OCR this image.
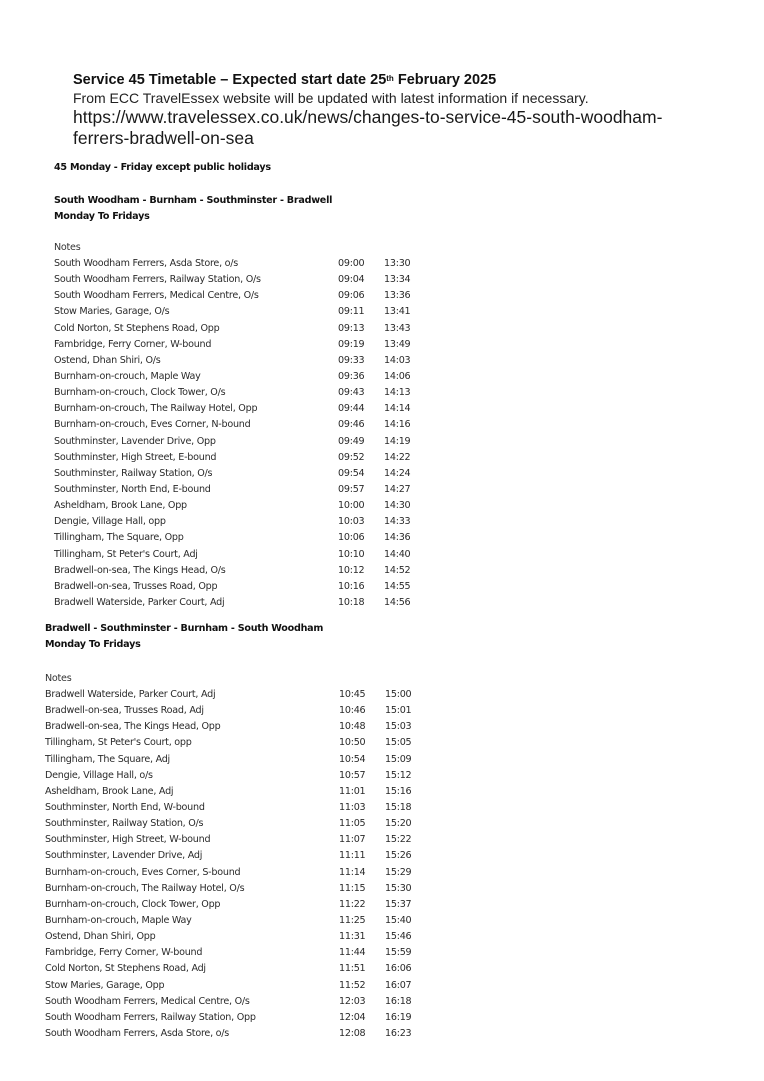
Service 45 Timetable – Expected start date 25th February 2025
From ECC TravelEssex website will be updated with latest information if necessary.
https://www.travelessex.co.uk/news/changes-to-service-45-south-woodham-
ferrers-bradwell-on-sea
45 Monday - Friday except public holidays
South Woodham - Burnham - Southminster - Bradwell
Monday To Fridays
Notes
South Woodham Ferrers, Asda Store, o/s	09:00	13:30
South Woodham Ferrers, Railway Station, O/s	09:04	13:34
South Woodham Ferrers, Medical Centre, O/s	09:06	13:36
Stow Maries, Garage, O/s	09:11	13:41
Cold Norton, St Stephens Road, Opp	09:13	13:43
Fambridge, Ferry Corner, W-bound	09:19	13:49
Ostend, Dhan Shiri, O/s	09:33	14:03
Burnham-on-crouch, Maple Way	09:36	14:06
Burnham-on-crouch, Clock Tower, O/s	09:43	14:13
Burnham-on-crouch, The Railway Hotel, Opp	09:44	14:14
Burnham-on-crouch, Eves Corner, N-bound	09:46	14:16
Southminster, Lavender Drive, Opp	09:49	14:19
Southminster, High Street, E-bound	09:52	14:22
Southminster, Railway Station, O/s	09:54	14:24
Southminster, North End, E-bound	09:57	14:27
Asheldham, Brook Lane, Opp	10:00	14:30
Dengie, Village Hall, opp	10:03	14:33
Tillingham, The Square, Opp	10:06	14:36
Tillingham, St Peter's Court, Adj	10:10	14:40
Bradwell-on-sea, The Kings Head, O/s	10:12	14:52
Bradwell-on-sea, Trusses Road, Opp	10:16	14:55
Bradwell Waterside, Parker Court, Adj	10:18	14:56
Bradwell - Southminster - Burnham - South Woodham
Monday To Fridays
Notes
Bradwell Waterside, Parker Court, Adj	10:45	15:00
Bradwell-on-sea, Trusses Road, Adj	10:46	15:01
Bradwell-on-sea, The Kings Head, Opp	10:48	15:03
Tillingham, St Peter's Court, opp	10:50	15:05
Tillingham, The Square, Adj	10:54	15:09
Dengie, Village Hall, o/s	10:57	15:12
Asheldham, Brook Lane, Adj	11:01	15:16
Southminster, North End, W-bound	11:03	15:18
Southminster, Railway Station, O/s	11:05	15:20
Southminster, High Street, W-bound	11:07	15:22
Southminster, Lavender Drive, Adj	11:11	15:26
Burnham-on-crouch, Eves Corner, S-bound	11:14	15:29
Burnham-on-crouch, The Railway Hotel, O/s	11:15	15:30
Burnham-on-crouch, Clock Tower, Opp	11:22	15:37
Burnham-on-crouch, Maple Way	11:25	15:40
Ostend, Dhan Shiri, Opp	11:31	15:46
Fambridge, Ferry Corner, W-bound	11:44	15:59
Cold Norton, St Stephens Road, Adj	11:51	16:06
Stow Maries, Garage, Opp	11:52	16:07
South Woodham Ferrers, Medical Centre, O/s	12:03	16:18
South Woodham Ferrers, Railway Station, Opp	12:04	16:19
South Woodham Ferrers, Asda Store, o/s	12:08	16:23
